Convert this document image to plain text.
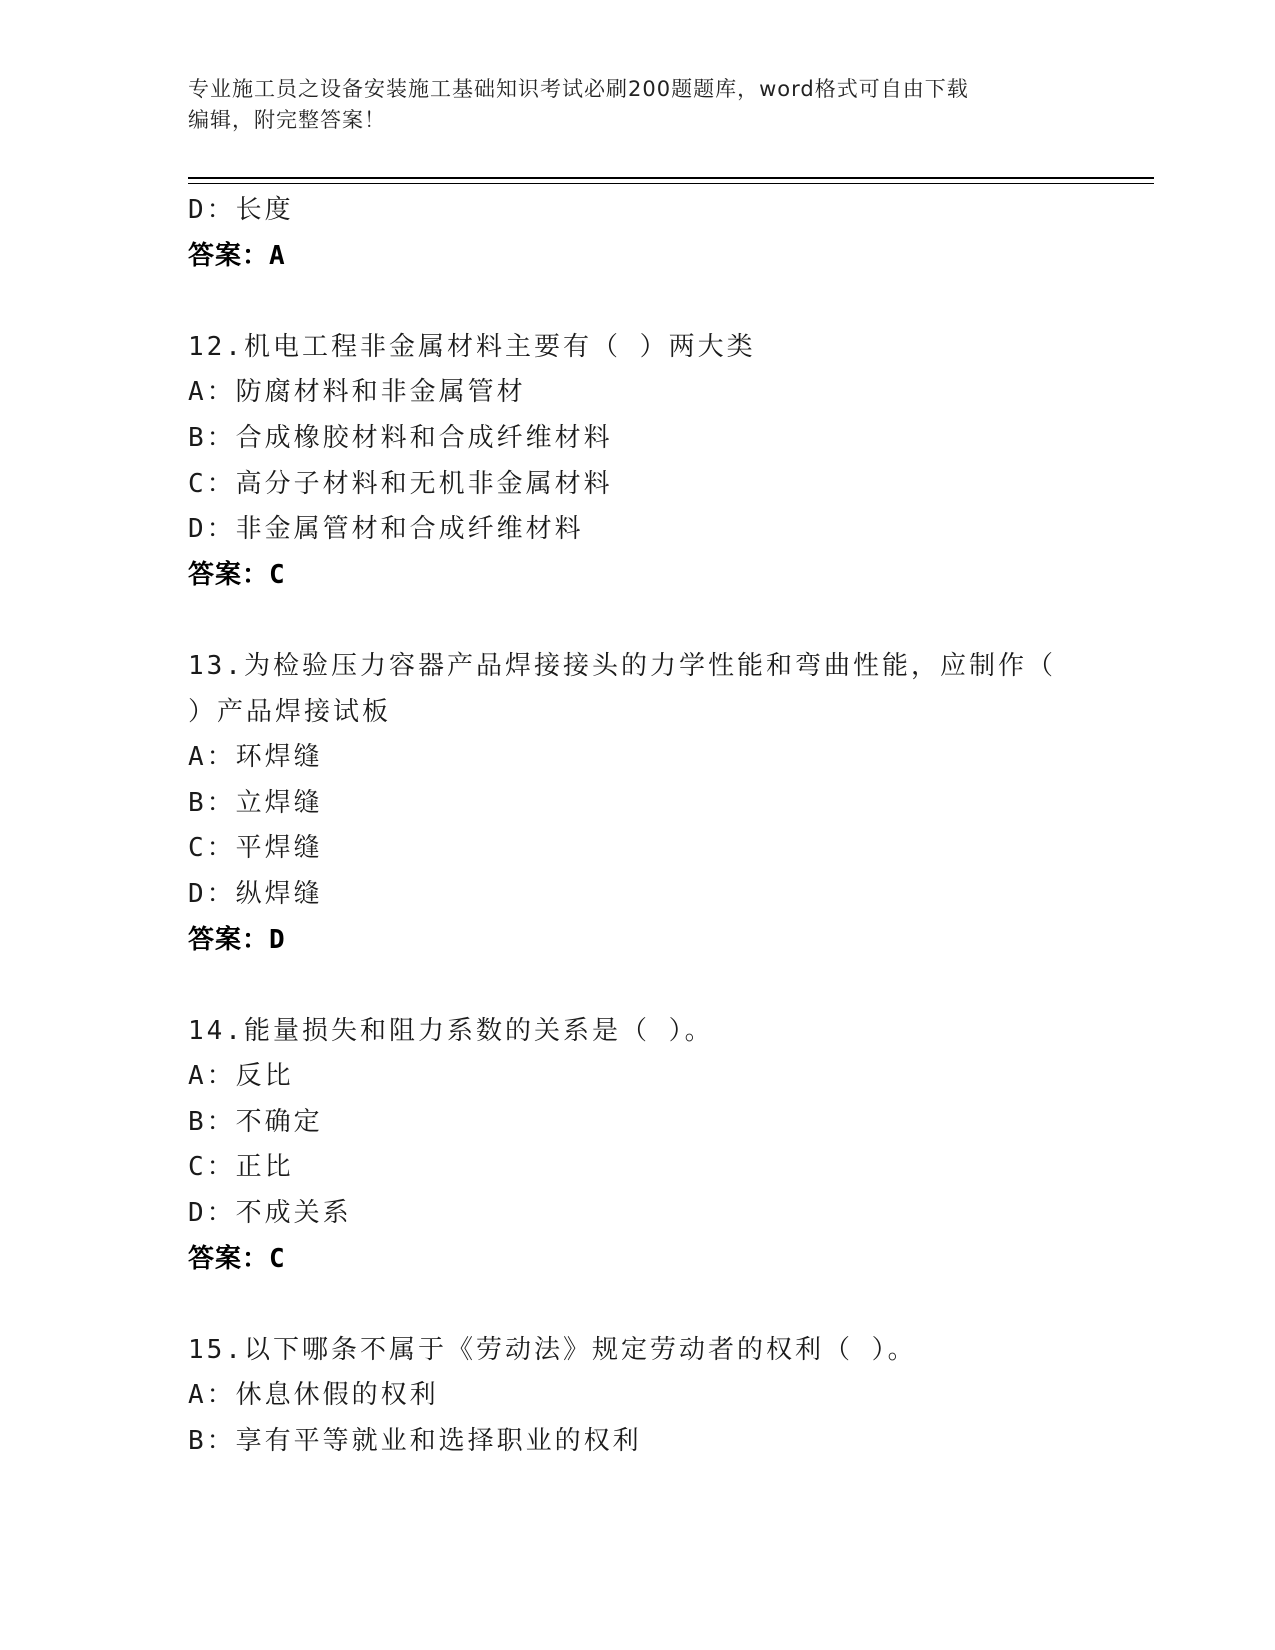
专业施工员之设备安装施工基础知识考试必刷200题题库，word格式可自由下载
编辑，附完整答案！
D：长度
答案：A
12.机电工程非金属材料主要有（ ）两大类
A：防腐材料和非金属管材
B：合成橡胶材料和合成纤维材料
C：高分子材料和无机非金属材料
D：非金属管材和合成纤维材料
答案：C
13.为检验压力容器产品焊接接头的力学性能和弯曲性能，应制作（
）产品焊接试板
A：环焊缝
B：立焊缝
C：平焊缝
D：纵焊缝
答案：D
14.能量损失和阻力系数的关系是（ ）。
A：反比
B：不确定
C：正比
D：不成关系
答案：C
15.以下哪条不属于《劳动法》规定劳动者的权利（ ）。
A：休息休假的权利
B：享有平等就业和选择职业的权利
